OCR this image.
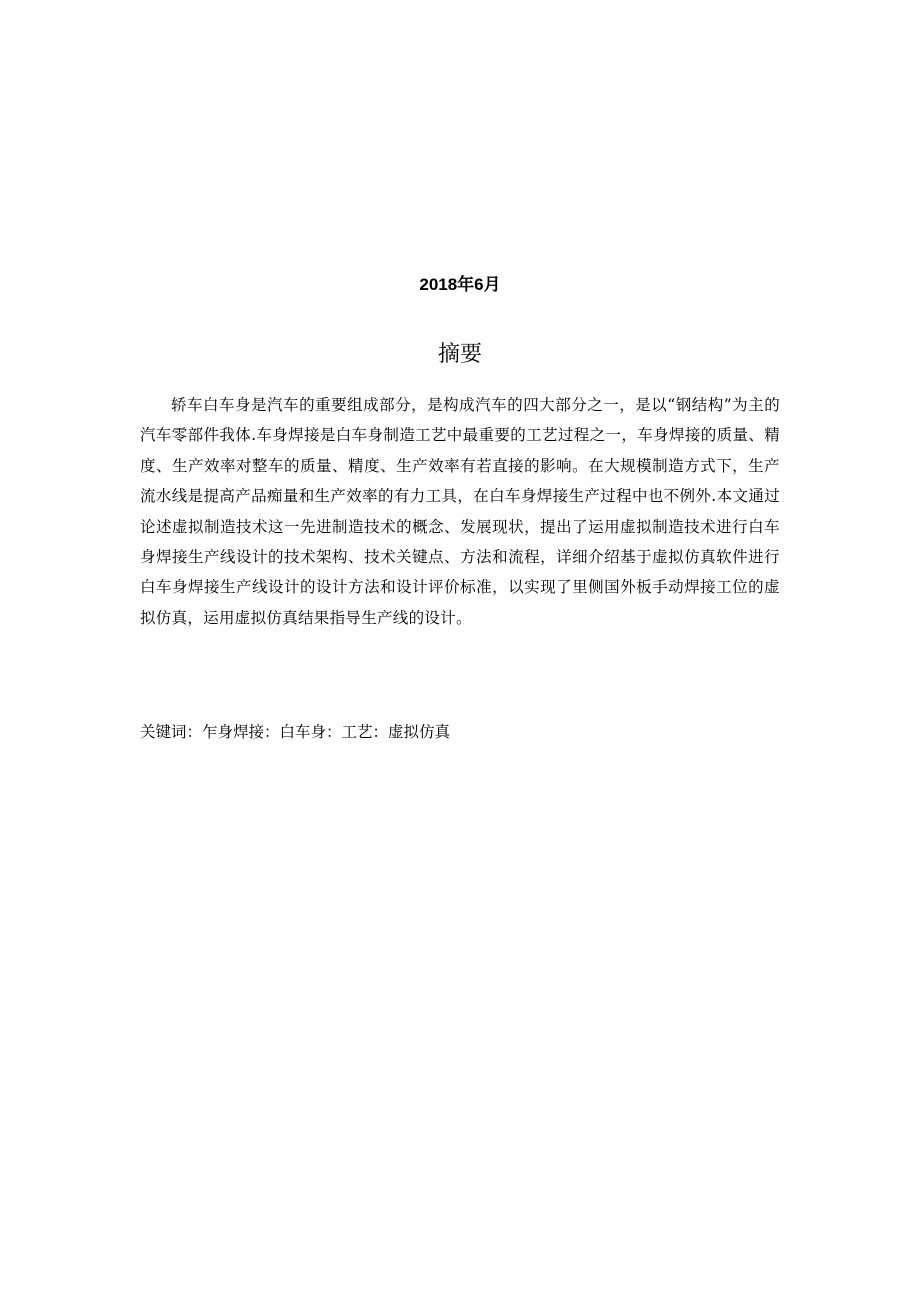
2018年6月
摘要

轿车白车身是汽车的重要组成部分，是构成汽车的四大部分之一，是以“钢结构”为主的汽车零部件我体.车身焊接是白车身制造工艺中最重要的工艺过程之一，车身焊接的质量、精度、生产效率对整车的质量、精度、生产效率有若直接的影响。在大规模制造方式下，生产流水线是提高产品痴量和生产效率的有力工具，在白车身焊接生产过程中也不例外.本文通过论述虚拟制造技术这一先进制造技术的概念、发展现状，提出了运用虚拟制造技术进行白车身焊接生产线设计的技术架构、技术关键点、方法和流程，详细介绍基于虚拟仿真软件进行白车身焊接生产线设计的设计方法和设计评价标准，以实现了里侧国外板手动焊接工位的虚拟仿真，运用虚拟仿真结果指导生产线的设计。

关键词：乍身焊接：白车身：工艺：虚拟仿真
